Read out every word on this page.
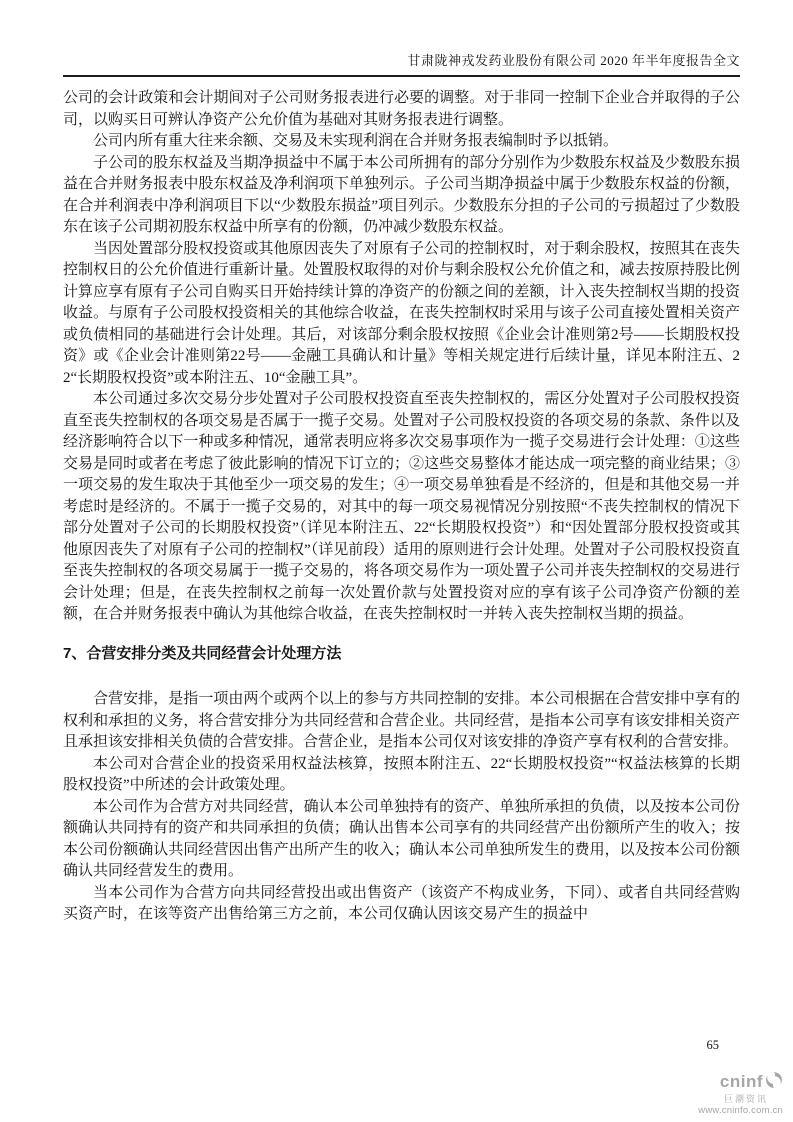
甘肃陇神戎发药业股份有限公司 2020 年半年度报告全文

公司的会计政策和会计期间对子公司财务报表进行必要的调整。对于非同一控制下企业合并取得的子公司，以购买日可辨认净资产公允价值为基础对其财务报表进行调整。

公司内所有重大往来余额、交易及未实现利润在合并财务报表编制时予以抵销。

子公司的股东权益及当期净损益中不属于本公司所拥有的部分分别作为少数股东权益及少数股东损益在合并财务报表中股东权益及净利润项下单独列示。子公司当期净损益中属于少数股东权益的份额，在合并利润表中净利润项目下以“少数股东损益”项目列示。少数股东分担的子公司的亏损超过了少数股东在该子公司期初股东权益中所享有的份额，仍冲减少数股东权益。

当因处置部分股权投资或其他原因丧失了对原有子公司的控制权时，对于剩余股权，按照其在丧失控制权日的公允价值进行重新计量。处置股权取得的对价与剩余股权公允价值之和，减去按原持股比例计算应享有原有子公司自购买日开始持续计算的净资产的份额之间的差额，计入丧失控制权当期的投资收益。与原有子公司股权投资相关的其他综合收益，在丧失控制权时采用与该子公司直接处置相关资产或负债相同的基础进行会计处理。其后，对该部分剩余股权按照《企业会计准则第2号——长期股权投资》或《企业会计准则第22号——金融工具确认和计量》等相关规定进行后续计量，详见本附注五、22“长期股权投资”或本附注五、10“金融工具”。

本公司通过多次交易分步处置对子公司股权投资直至丧失控制权的，需区分处置对子公司股权投资直至丧失控制权的各项交易是否属于一揽子交易。处置对子公司股权投资的各项交易的条款、条件以及经济影响符合以下一种或多种情况，通常表明应将多次交易事项作为一揽子交易进行会计处理：①这些交易是同时或者在考虑了彼此影响的情况下订立的；②这些交易整体才能达成一项完整的商业结果；③一项交易的发生取决于其他至少一项交易的发生；④一项交易单独看是不经济的，但是和其他交易一并考虑时是经济的。不属于一揽子交易的，对其中的每一项交易视情况分别按照“不丧失控制权的情况下部分处置对子公司的长期股权投资”（详见本附注五、22“长期股权投资”）和“因处置部分股权投资或其他原因丧失了对原有子公司的控制权”（详见前段）适用的原则进行会计处理。处置对子公司股权投资直至丧失控制权的各项交易属于一揽子交易的，将各项交易作为一项处置子公司并丧失控制权的交易进行会计处理；但是，在丧失控制权之前每一次处置价款与处置投资对应的享有该子公司净资产份额的差额，在合并财务报表中确认为其他综合收益，在丧失控制权时一并转入丧失控制权当期的损益。

7、合营安排分类及共同经营会计处理方法

合营安排，是指一项由两个或两个以上的参与方共同控制的安排。本公司根据在合营安排中享有的权利和承担的义务，将合营安排分为共同经营和合营企业。共同经营，是指本公司享有该安排相关资产且承担该安排相关负债的合营安排。合营企业，是指本公司仅对该安排的净资产享有权利的合营安排。

本公司对合营企业的投资采用权益法核算，按照本附注五、22“长期股权投资”“权益法核算的长期股权投资”中所述的会计政策处理。

本公司作为合营方对共同经营，确认本公司单独持有的资产、单独所承担的负债，以及按本公司份额确认共同持有的资产和共同承担的负债；确认出售本公司享有的共同经营产出份额所产生的收入；按本公司份额确认共同经营因出售产出所产生的收入；确认本公司单独所发生的费用，以及按本公司份额确认共同经营发生的费用。

当本公司作为合营方向共同经营投出或出售资产（该资产不构成业务，下同）、或者自共同经营购买资产时，在该等资产出售给第三方之前，本公司仅确认因该交易产生的损益中

65
cninf
巨潮资讯
www.cninfo.com.cn
